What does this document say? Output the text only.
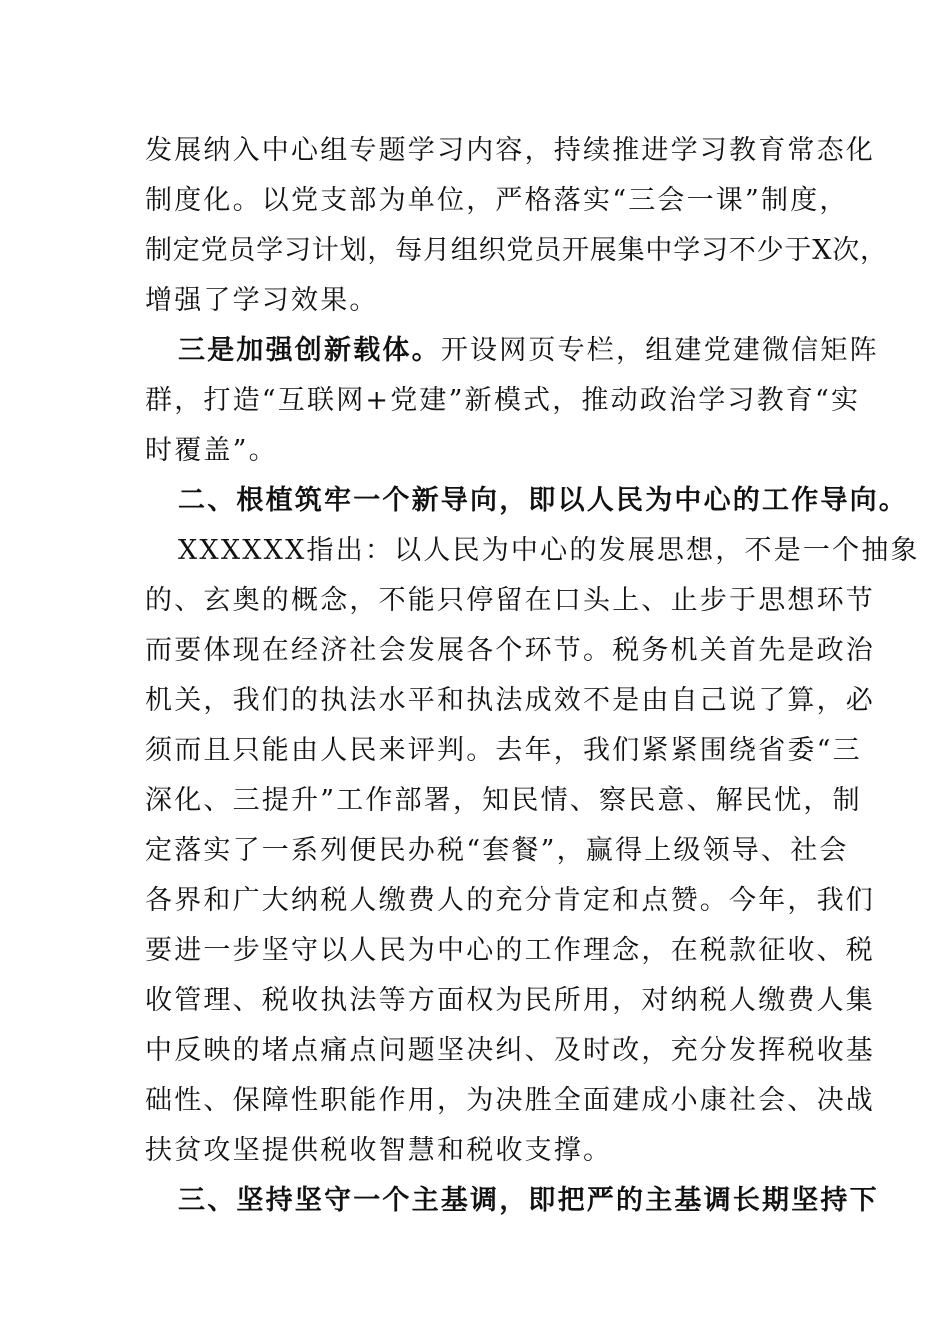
发展纳入中心组专题学习内容，持续推进学习教育常态化
制度化。以党支部为单位，严格落实“三会一课”制度，
制定党员学习计划，每月组织党员开展集中学习不少于X次，
增强了学习效果。
三是加强创新载体。开设网页专栏，组建党建微信矩阵
群，打造“互联网+党建”新模式，推动政治学习教育“实
时覆盖”。
二、根植筑牢一个新导向，即以人民为中心的工作导向。
XXXXXX指出：以人民为中心的发展思想，不是一个抽象
的、玄奥的概念，不能只停留在口头上、止步于思想环节
而要体现在经济社会发展各个环节。税务机关首先是政治
机关，我们的执法水平和执法成效不是由自己说了算，必
须而且只能由人民来评判。去年，我们紧紧围绕省委“三
深化、三提升”工作部署，知民情、察民意、解民忧，制
定落实了一系列便民办税“套餐”，赢得上级领导、社会
各界和广大纳税人缴费人的充分肯定和点赞。今年，我们
要进一步坚守以人民为中心的工作理念，在税款征收、税
收管理、税收执法等方面权为民所用，对纳税人缴费人集
中反映的堵点痛点问题坚决纠、及时改，充分发挥税收基
础性、保障性职能作用，为决胜全面建成小康社会、决战
扶贫攻坚提供税收智慧和税收支撑。
三、坚持坚守一个主基调，即把严的主基调长期坚持下
